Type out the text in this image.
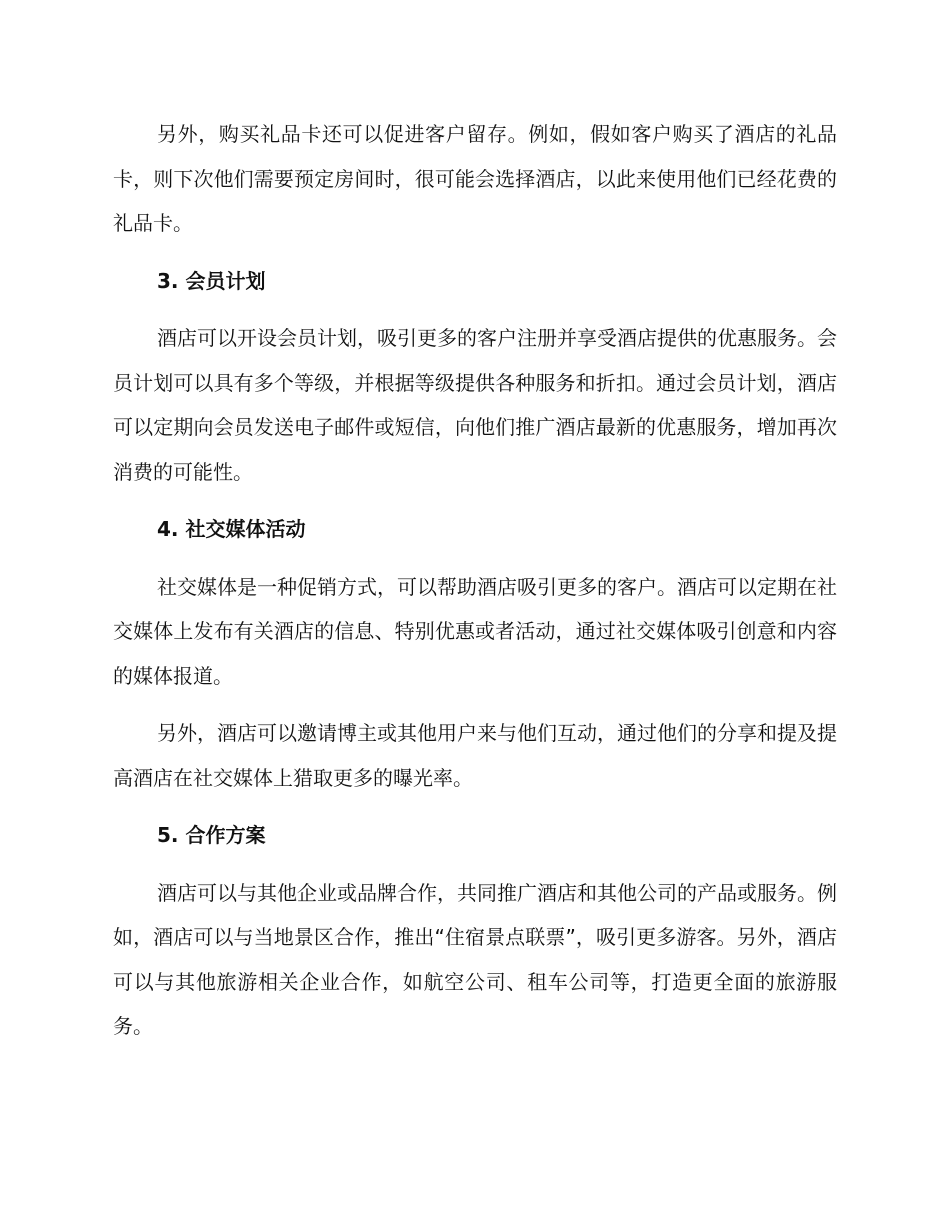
另外，购买礼品卡还可以促进客户留存。例如，假如客户购买了酒店的礼品卡，则下次他们需要预定房间时，很可能会选择酒店，以此来使用他们已经花费的礼品卡。

3. 会员计划

酒店可以开设会员计划，吸引更多的客户注册并享受酒店提供的优惠服务。会员计划可以具有多个等级，并根据等级提供各种服务和折扣。通过会员计划，酒店可以定期向会员发送电子邮件或短信，向他们推广酒店最新的优惠服务，增加再次消费的可能性。

4. 社交媒体活动

社交媒体是一种促销方式，可以帮助酒店吸引更多的客户。酒店可以定期在社交媒体上发布有关酒店的信息、特别优惠或者活动，通过社交媒体吸引创意和内容的媒体报道。

另外，酒店可以邀请博主或其他用户来与他们互动，通过他们的分享和提及提高酒店在社交媒体上猎取更多的曝光率。

5. 合作方案

酒店可以与其他企业或品牌合作，共同推广酒店和其他公司的产品或服务。例如，酒店可以与当地景区合作，推出“住宿景点联票”，吸引更多游客。另外，酒店可以与其他旅游相关企业合作，如航空公司、租车公司等，打造更全面的旅游服务。
